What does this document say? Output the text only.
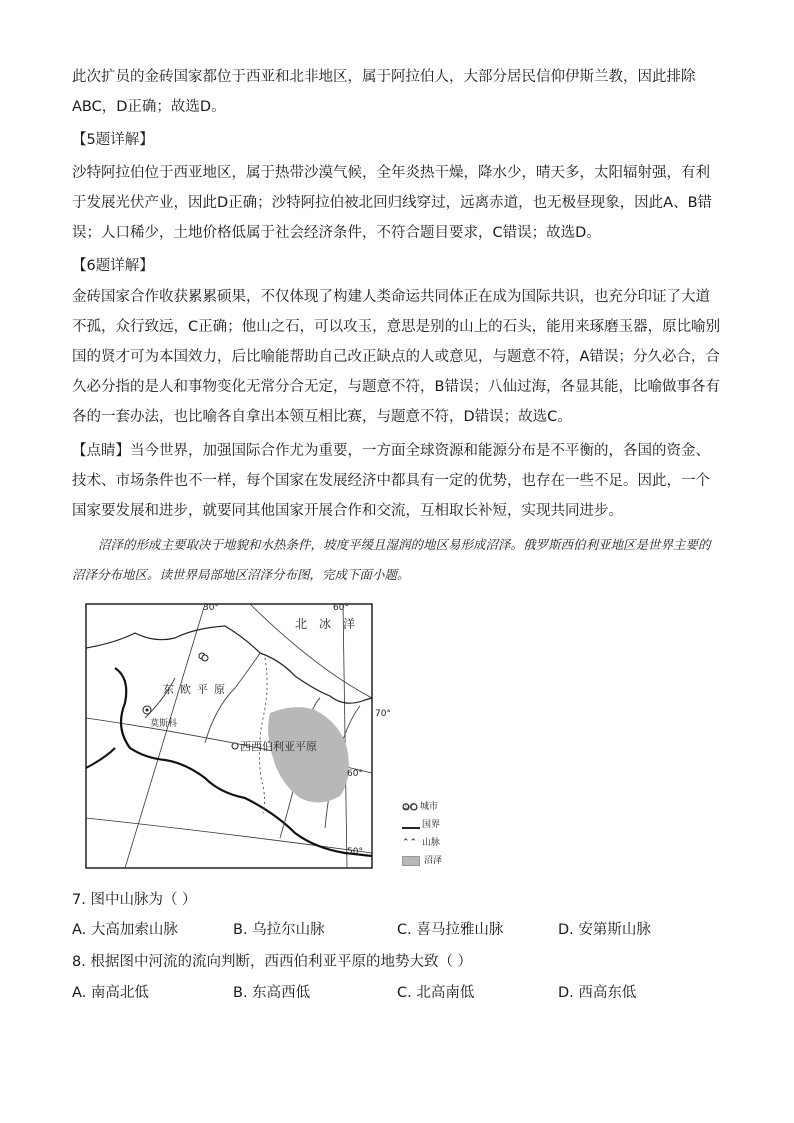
此次扩员的金砖国家都位于西亚和北非地区，属于阿拉伯人，大部分居民信仰伊斯兰教，因此排除ABC，D正确；故选D。

【5题详解】

沙特阿拉伯位于西亚地区，属于热带沙漠气候，全年炎热干燥，降水少，晴天多，太阳辐射强，有利于发展光伏产业，因此D正确；沙特阿拉伯被北回归线穿过，远离赤道，也无极昼现象，因此A、B错误；人口稀少，土地价格低属于社会经济条件，不符合题目要求，C错误；故选D。

【6题详解】

金砖国家合作收获累累硕果，不仅体现了构建人类命运共同体正在成为国际共识，也充分印证了大道不孤，众行致远，C正确；他山之石，可以攻玉，意思是别的山上的石头，能用来琢磨玉器，原比喻别国的贤才可为本国效力，后比喻能帮助自己改正缺点的人或意见，与题意不符，A错误；分久必合，合久必分指的是人和事物变化无常分合无定，与题意不符，B错误；八仙过海，各显其能，比喻做事各有各的一套办法，也比喻各自拿出本领互相比赛，与题意不符，D错误；故选C。

【点睛】当今世界，加强国际合作尤为重要，一方面全球资源和能源分布是不平衡的，各国的资金、技术、市场条件也不一样，每个国家在发展经济中都具有一定的优势，也存在一些不足。因此，一个国家要发展和进步，就要同其他国家开展合作和交流，互相取长补短，实现共同进步。

沼泽的形成主要取决于地貌和水热条件，坡度平缓且湿润的地区易形成沼泽。俄罗斯西伯利亚地区是世界主要的沼泽分布地区。读世界局部地区沼泽分布图，完成下面小题。

30°	60°
70°
60°
50°
北冰洋
东欧平原
莫斯科
西西伯利亚平原
⊙○ 城市
国界
⌃⌃ 山脉
沼泽

7. 图中山脉为（ ）

A. 大高加索山脉	B. 乌拉尔山脉	C. 喜马拉雅山脉	D. 安第斯山脉

8. 根据图中河流的流向判断，西西伯利亚平原的地势大致（ ）

A. 南高北低	B. 东高西低	C. 北高南低	D. 西高东低
